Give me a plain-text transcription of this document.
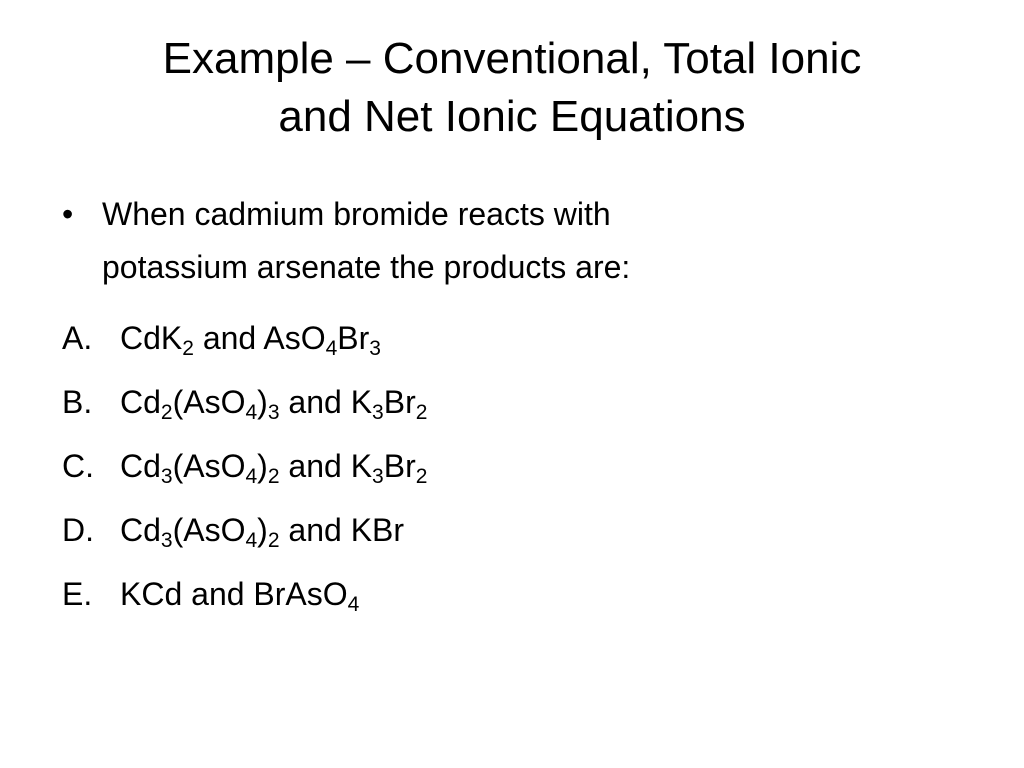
Example – Conventional, Total Ionic
and Net Ionic Equations
• When cadmium bromide reacts with
potassium arsenate the products are:
A. CdK$_2$ and $AsO_4Br_3$
B. $Cd_2(AsO_4)_3$ and $K_3Br_2$
C. $Cd_3(AsO_4)_2$ and $K_3Br_2$
D. $Cd_3(AsO_4)_2$ and KBr
E. KCd and BrAsO$_4$
